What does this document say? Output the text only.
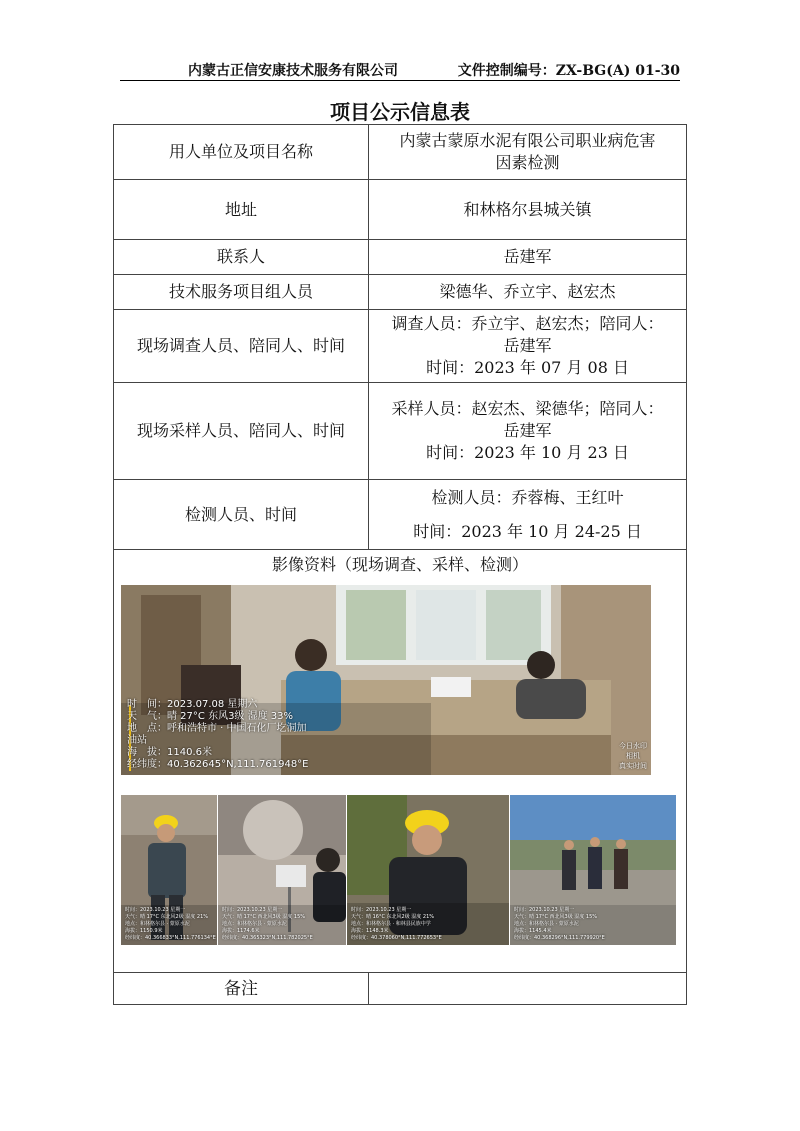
内蒙古正信安康技术服务有限公司	文件控制编号：ZX-BG(A) 01-30
项目公示信息表
用人单位及项目名称	内蒙古蒙原水泥有限公司职业病危害
因素检测

地址	和林格尔县城关镇
联系人	岳建军
技术服务项目组人员	梁德华、乔立宇、赵宏杰
现场调查人员、陪同人、时间	调查人员：乔立宇、赵宏杰；陪同人：
岳建军
时间：2023 年 07 月 08 日

现场采样人员、陪同人、时间	采样人员：赵宏杰、梁德华；陪同人：
岳建军
时间：2023 年 10 月 23 日

检测人员、时间	检测人员：乔蓉梅、王红叶
时间：2023 年 10 月 24-25 日

影像资料（现场调查、采样、检测）	

备注	
时　间：2023.07.08 星期六
天　气：晴 27°C 东风3级 湿度 33%
地　点：呼和浩特市 · 中国石化厂圪洞加
油站
海　拔：1140.6米
经纬度：40.362645°N,111.761948°E
今日水印
相机
真实时间
时间：2023.10.23 星期一
天气：晴 17°C 东北风2级 湿度 21%
地点：和林格尔县 · 蒙原水泥
海拔：1150.9米
经纬度：40.366833°N,111.776134°E
时间：2023.10.23 星期一
天气：晴 17°C 西北风3级 湿度 15%
地点：和林格尔县 · 蒙原水泥
海拔：1174.6米
经纬度：40.365323°N,111.782025°E
时间：2023.10.23 星期一
天气：晴 16°C 东北风2级 湿度 21%
地点：和林格尔县 · 和林县民族中学
海拔：1148.3米
经纬度：40.378060°N,111.772653°E
时间：2023.10.23 星期一
天气：晴 17°C 西北风3级 湿度 15%
地点：和林格尔县 · 蒙原水泥
海拔：1145.4米
经纬度：40.368296°N,111.779920°E
